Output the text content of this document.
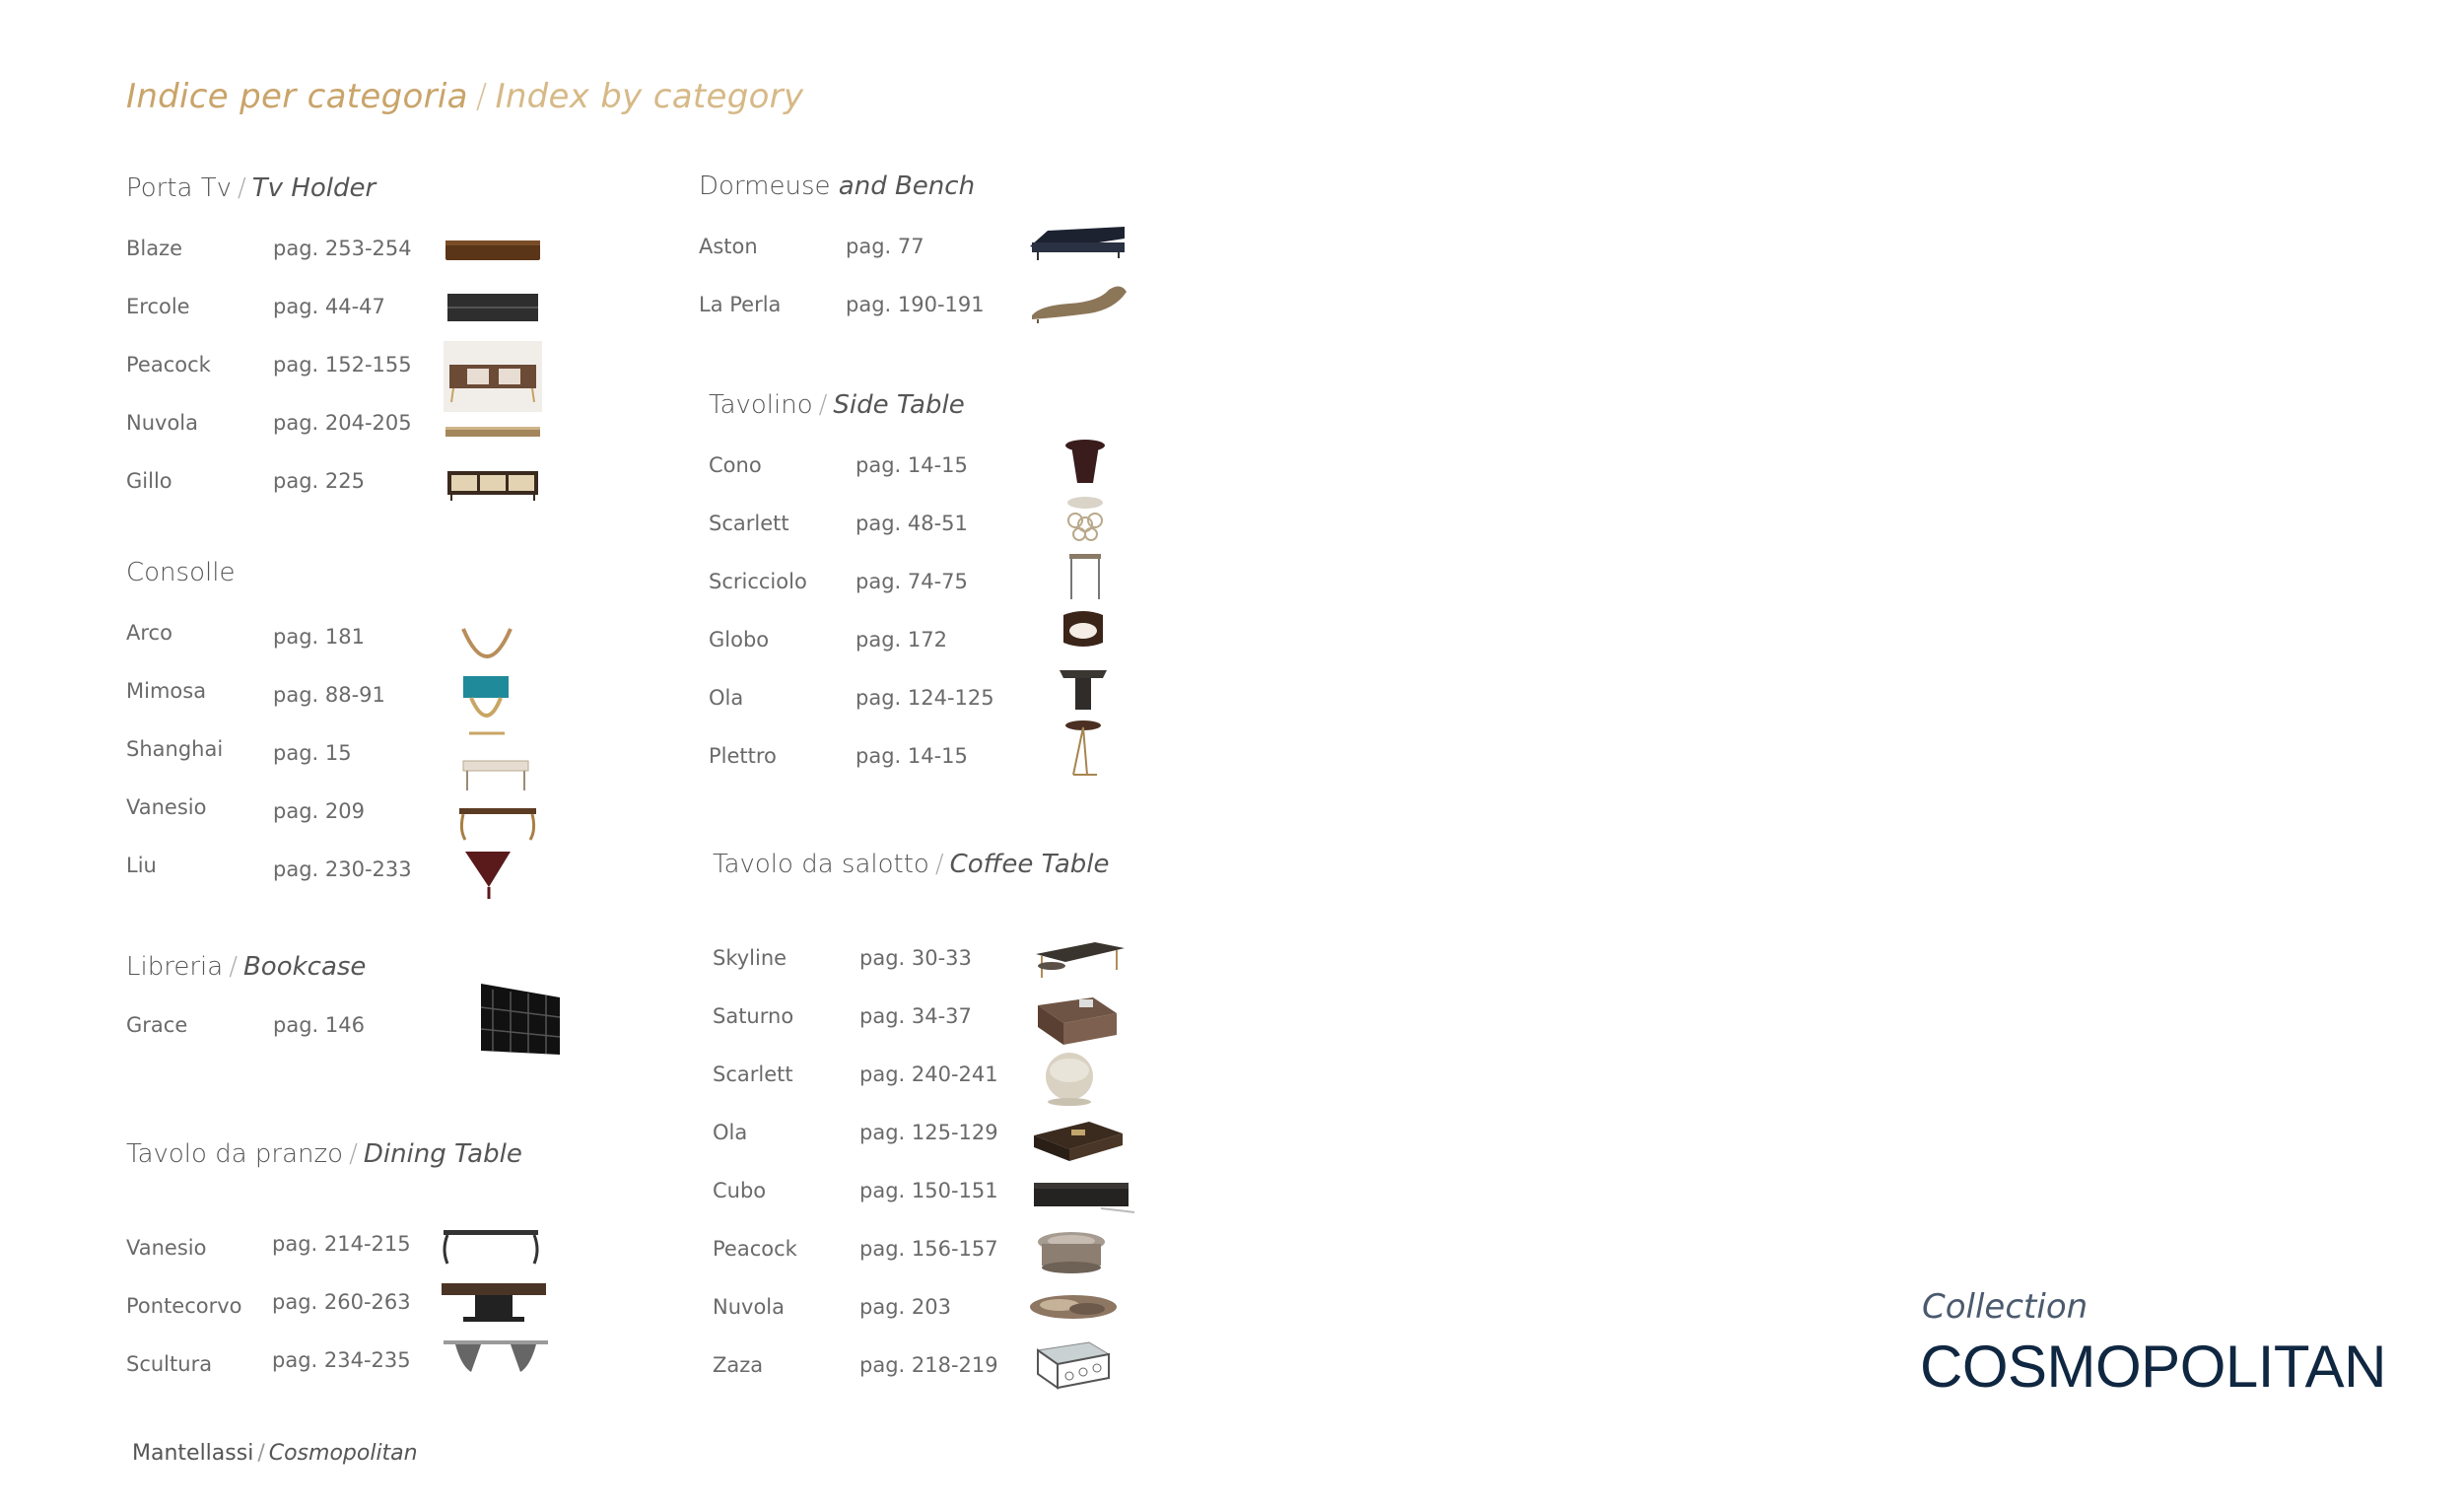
Indice per categoria / Index by category
Porta Tv / Tv Holder
Blaze	pag. 253-254
Ercole	pag. 44-47
Peacock	pag. 152-155
Nuvola	pag. 204-205
Gillo	pag. 225
Consolle
Arco	pag. 181
Mimosa	pag. 88-91
Shanghai pag. 15
Vanesio	pag. 209
Liu	pag. 230-233
Libreria / Bookcase
Grace	pag. 146
Tavolo da pranzo / Dining Table
Vanesio	pag. 214-215
Pontecorvo pag. 260-263
Scultura	pag. 234-235
Dormeuse and Bench
Aston	pag. 77
La Perla	pag. 190-191
Tavolino / Side Table
Cono	pag. 14-15
Scarlett	pag. 48-51
Scricciolo pag. 74-75
Globo	pag. 172
Ola	pag. 124-125
Plettro	pag. 14-15
Tavolo da salotto / Coffee Table
Skyline	pag. 30-33
Saturno	pag. 34-37
Scarlett	pag. 240-241
Ola	pag. 125-129
Cubo	pag. 150-151
Peacock	pag. 156-157
Nuvola	pag. 203
Zaza	pag. 218-219
Mantellassi / Cosmopolitan
Collection
COSMOPOLITAN
